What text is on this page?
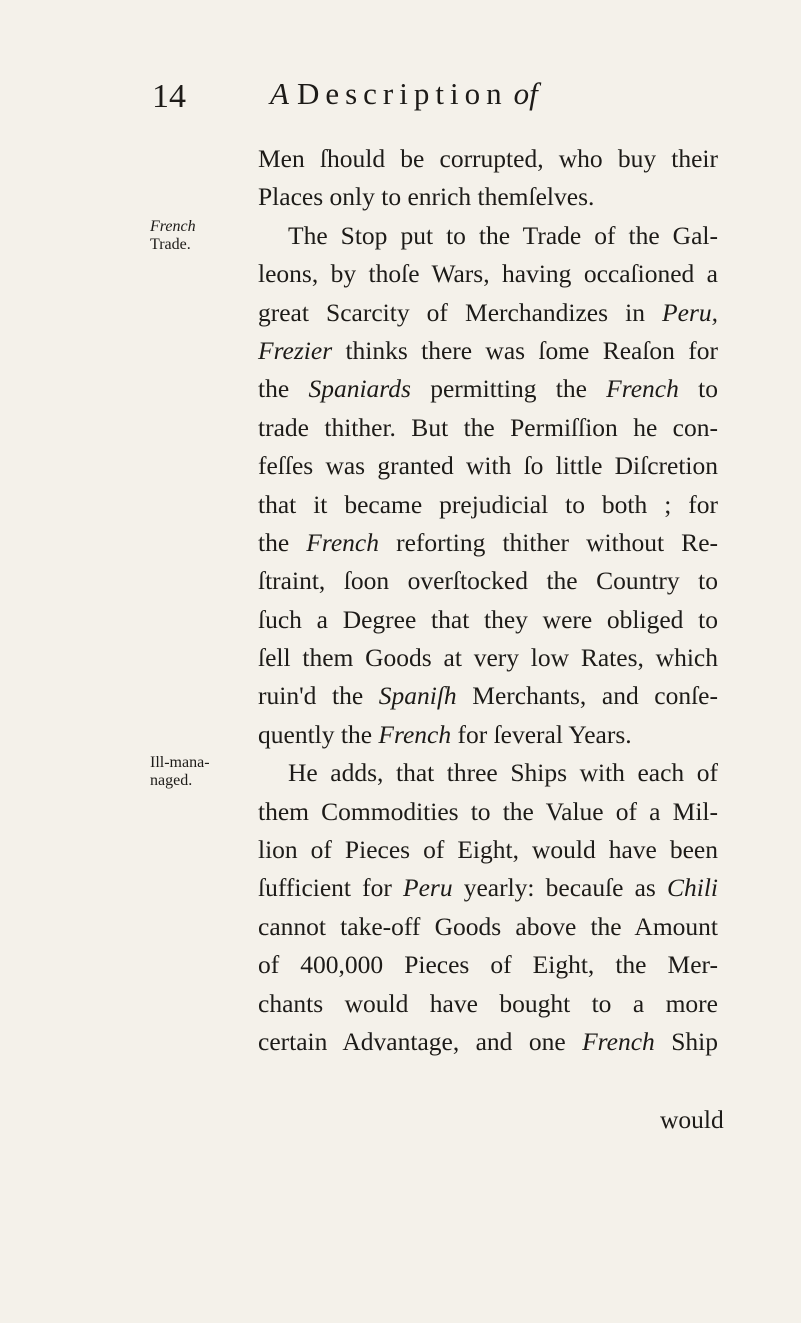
14	A Description of
French
Trade.
Ill-mana-
naged.
Men ſhould be corrupted, who buy their
Places only to enrich themſelves.
The Stop put to the Trade of the Gal-
leons, by thoſe Wars, having occaſioned a
great Scarcity of Merchandizes in Peru,
Frezier thinks there was ſome Reaſon for
the Spaniards permitting the French to
trade thither. But the Permiſſion he con-
feſſes was granted with ſo little Diſcretion
that it became prejudicial to both ; for
the French reforting thither without Re-
ſtraint, ſoon overſtocked the Country to
ſuch a Degree that they were obliged to
ſell them Goods at very low Rates, which
ruin'd the Spaniſh Merchants, and conſe-
quently the French for ſeveral Years.
He adds, that three Ships with each of
them Commodities to the Value of a Mil-
lion of Pieces of Eight, would have been
ſufficient for Peru yearly: becauſe as Chili
cannot take-off Goods above the Amount
of 400,000 Pieces of Eight, the Mer-
chants would have bought to a more
certain Advantage, and one French Ship
would
